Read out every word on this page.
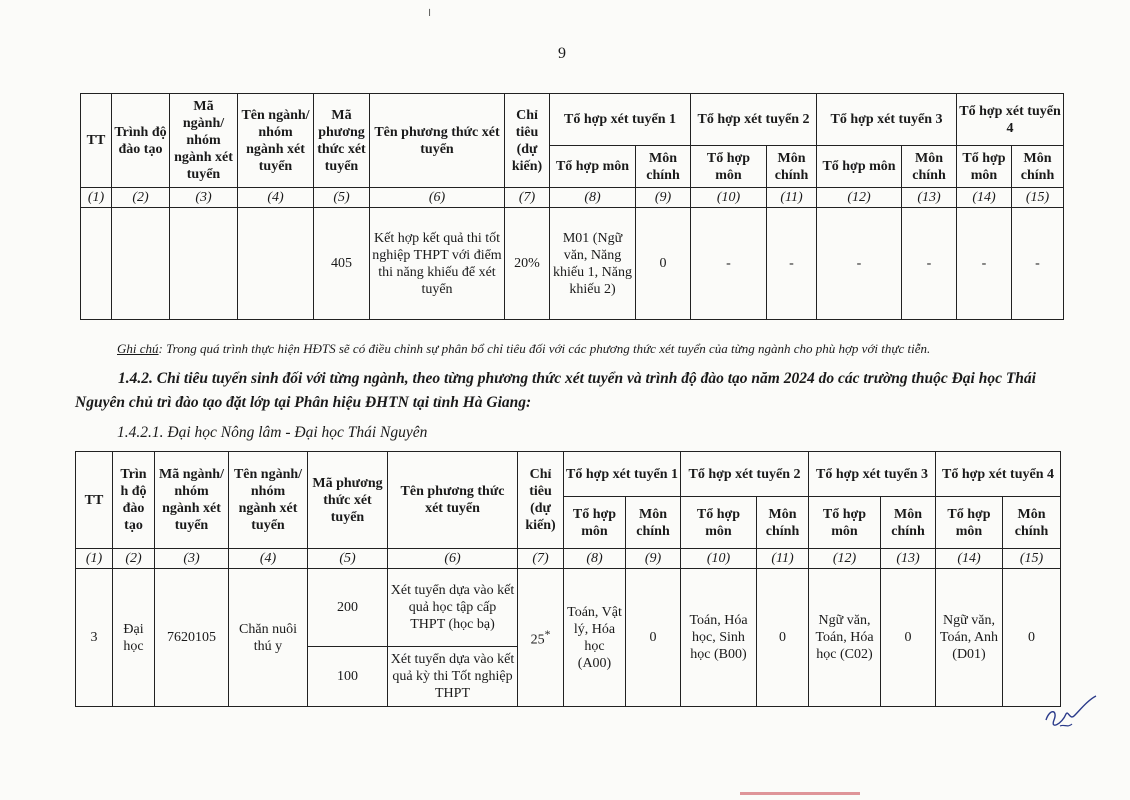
╷
9
TT	Trình độ đào tạo	Mã ngành/ nhóm ngành xét tuyển	Tên ngành/ nhóm ngành xét tuyển	Mã phương thức xét tuyển	Tên phương thức xét tuyển	Chỉ tiêu (dự kiến)	Tổ hợp xét tuyển 1		Tổ hợp xét tuyển 2		Tổ hợp xét tuyển 3		Tổ hợp xét tuyển 4	
							Tổ hợp môn	Môn chính	Tổ hợp môn	Môn chính	Tổ hợp môn	Môn chính	Tổ hợp môn	Môn chính
(1)	(2)	(3)	(4)	(5)	(6)	(7)	(8)	(9)	(10)	(11)	(12)	(13)	(14)	(15)
				405	Kết hợp kết quả thi tốt nghiệp THPT với điểm thi năng khiếu để xét tuyển	20%	M01 (Ngữ văn, Năng khiếu 1, Năng khiếu 2)	0	-	-	-	-	-	-
Ghi chú: Trong quá trình thực hiện HĐTS sẽ có điều chỉnh sự phân bổ chỉ tiêu đối với các phương thức xét tuyển của từng ngành cho phù hợp với thực tiễn.
1.4.2. Chỉ tiêu tuyển sinh đối với từng ngành, theo từng phương thức xét tuyển và trình độ đào tạo năm 2024 do các trường thuộc Đại học Thái Nguyên chủ trì đào tạo đặt lớp tại Phân hiệu ĐHTN tại tỉnh Hà Giang:
1.4.2.1. Đại học Nông lâm - Đại học Thái Nguyên
TT	Trìn h độ đào tạo	Mã ngành/ nhóm ngành xét tuyển	Tên ngành/ nhóm ngành xét tuyển	Mã phương thức xét tuyển	Tên phương thức xét tuyển	Chỉ tiêu (dự kiến)	Tổ hợp xét tuyển 1		Tổ hợp xét tuyển 2		Tổ hợp xét tuyển 3		Tổ hợp xét tuyển 4	
							Tổ hợp môn	Môn chính	Tổ hợp môn	Môn chính	Tổ hợp môn	Môn chính	Tổ hợp môn	Môn chính
(1)	(2)	(3)	(4)	(5)	(6)	(7)	(8)	(9)	(10)	(11)	(12)	(13)	(14)	(15)
3	Đại học	7620105	Chăn nuôi thú y	200	Xét tuyển dựa vào kết quả học tập cấp THPT (học bạ)	25*	Toán, Vật lý, Hóa học (A00)	0	Toán, Hóa học, Sinh học (B00)	0	Ngữ văn, Toán, Hóa học (C02)	0	Ngữ văn, Toán, Anh (D01)	0
				100	Xét tuyển dựa vào kết quả kỳ thi Tốt nghiệp THPT									
